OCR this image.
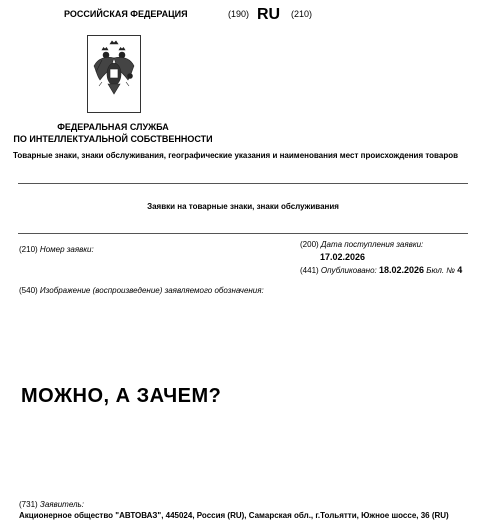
РОССИЙСКАЯ ФЕДЕРАЦИЯ	(190) RU (210)
ФЕДЕРАЛЬНАЯ СЛУЖБА
ПО ИНТЕЛЛЕКТУАЛЬНОЙ СОБСТВЕННОСТИ
Товарные знаки, знаки обслуживания, географические указания и наименования мест происхождения товаров
Заявки на товарные знаки, знаки обслуживания
(210) Номер заявки:
(200) Дата поступления заявки:
17.02.2026
(441) Опубликовано: 18.02.2026 Бюл. № 4
(540) Изображение (воспроизведение) заявляемого обозначения:
МОЖНО, А ЗАЧЕМ?
(731) Заявитель:
Акционерное общество "АВТОВАЗ", 445024, Россия (RU), Самарская обл., г.Тольятти, Южное шоссе, 36 (RU)
